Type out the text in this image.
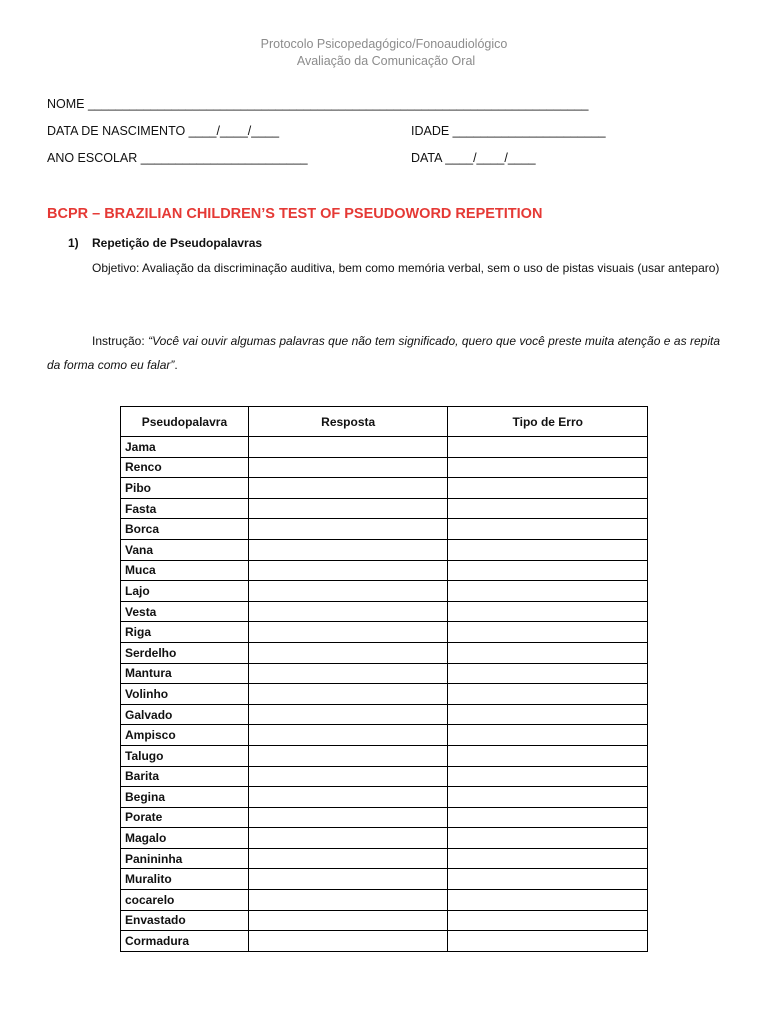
Protocolo Psicopedagógico/Fonoaudiológico
Avaliação da Comunicação Oral
NOME ________________________________________________________________________
DATA DE NASCIMENTO ____/____/____	IDADE ______________________
ANO ESCOLAR ________________________	DATA ____/____/____
BCPR – BRAZILIAN CHILDREN’S TEST OF PSEUDOWORD REPETITION
1) Repetição de Pseudopalavras
Objetivo: Avaliação da discriminação auditiva, bem como memória verbal, sem o uso de pistas visuais (usar anteparo)
Instrução: “Você vai ouvir algumas palavras que não tem significado, quero que você preste muita atenção e as repita da forma como eu falar”.
Pseudopalavra	Resposta	Tipo de Erro
Jama		
Renco		
Pibo		
Fasta		
Borca		
Vana		
Muca		
Lajo		
Vesta		
Riga		
Serdelho		
Mantura		
Volinho		
Galvado		
Ampisco		
Talugo		
Barita		
Begina		
Porate		
Magalo		
Panininha		
Muralito		
cocarelo		
Envastado		
Cormadura		
